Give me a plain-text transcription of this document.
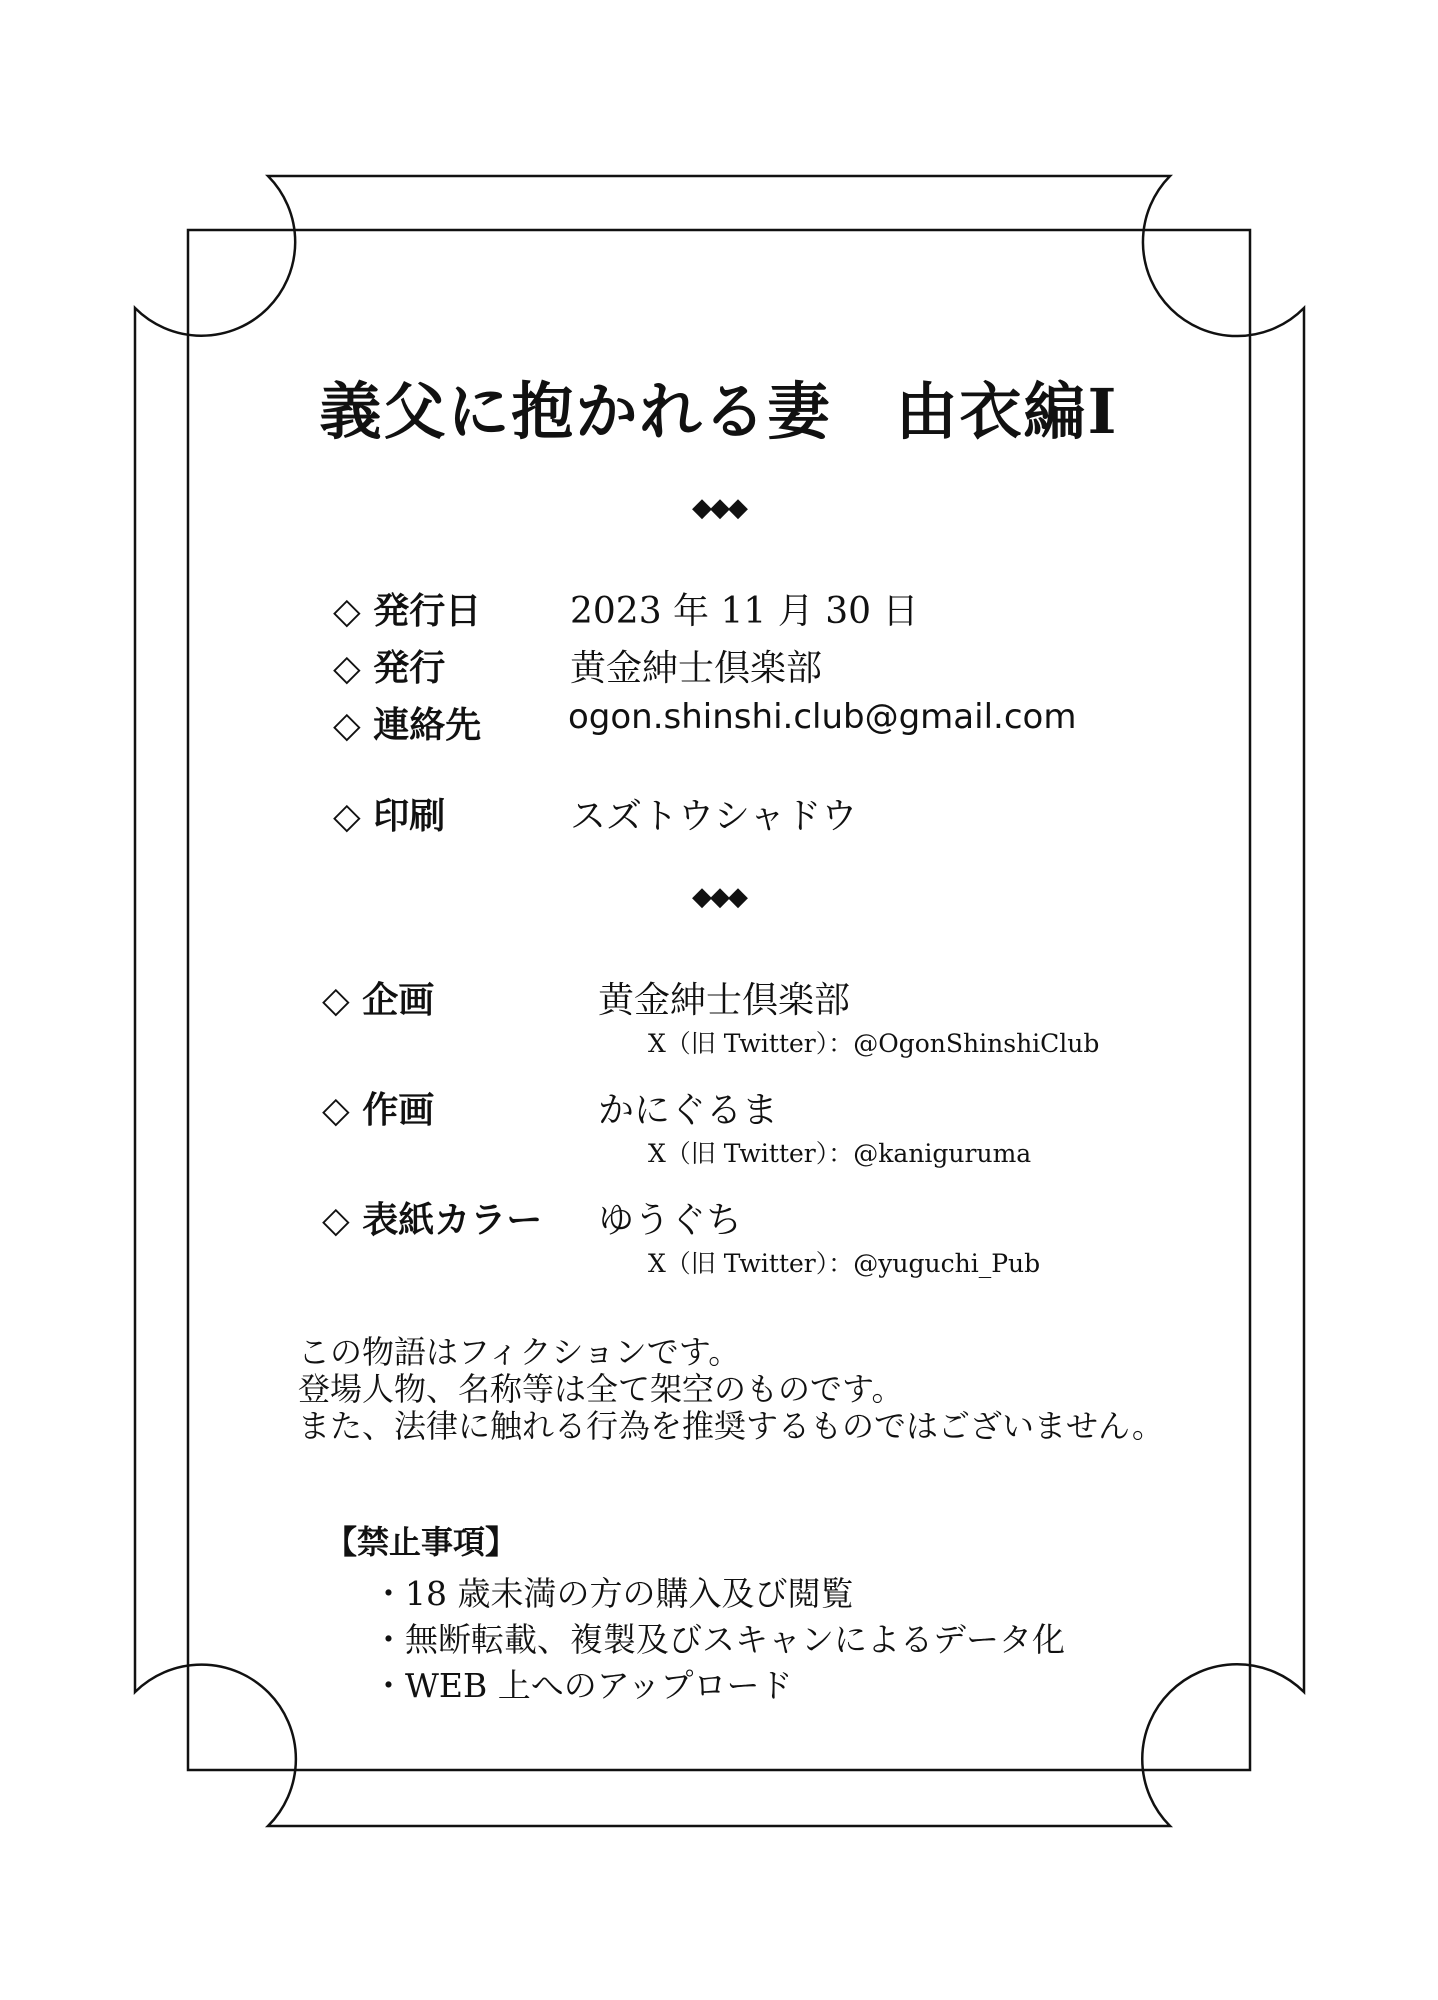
義父に抱かれる妻　由衣編Ⅰ
◆◆◆
◇ 発行日 2023 年 11 月 30 日
◇ 発行	黄金紳士倶楽部
◇ 連絡先	ogon.shinshi.club@gmail.com
◇ 印刷	スズトウシャドウ
◆◆◆
◇ 企画	黄金紳士倶楽部
X（旧 Twitter）：@OgonShinshiClub
◇ 作画	かにぐるま
X（旧 Twitter）：@kaniguruma
◇ 表紙カラー ゆうぐち
X（旧 Twitter）：@yuguchi_Pub
この物語はフィクションです。
登場人物、名称等は全て架空のものです。
また、法律に触れる行為を推奨するものではございません。
【禁止事項】
・18 歳未満の方の購入及び閲覧
・無断転載、複製及びスキャンによるデータ化
・WEB 上へのアップロード
